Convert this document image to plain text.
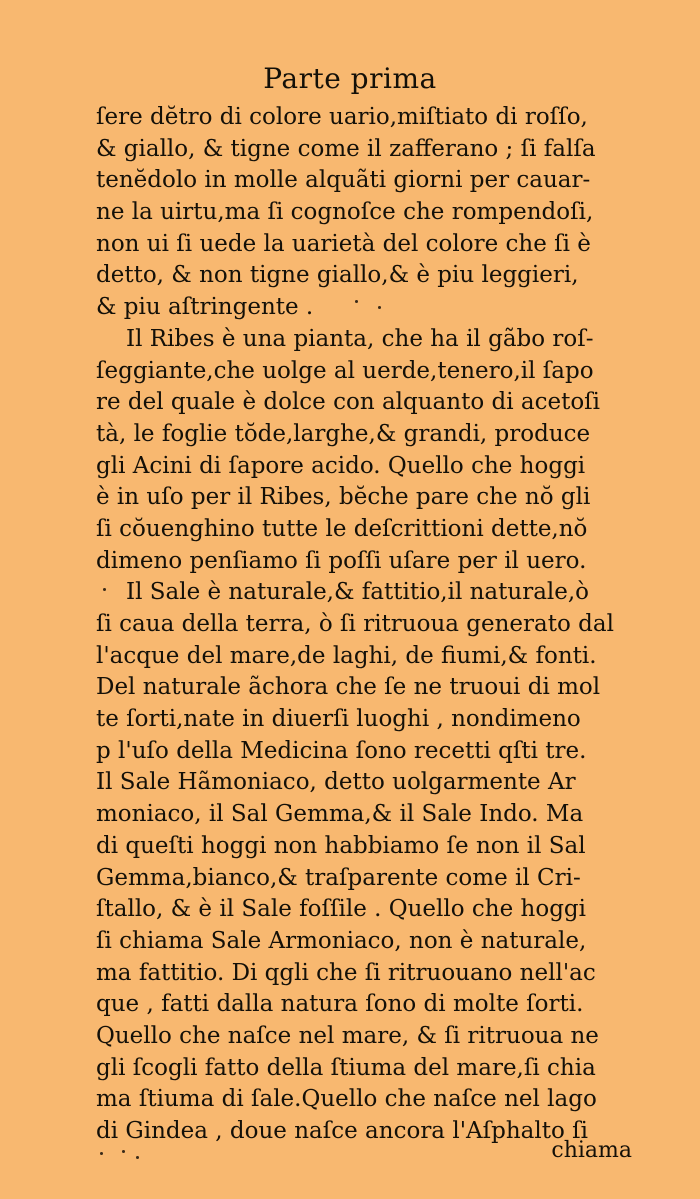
Parte prima
ſere dĕtro di colore uario,miſtiato di roſſo,
& giallo, & tigne come il zafferano ; ſi falſa
tenĕdolo in molle alquãti giorni per cauar-
ne la uirtu,ma ſi cognoſce che rompendoſi,
non ui ſi uede la uarietà del colore che ſi è
detto, & non tigne giallo,& è piu leggieri,
& piu aſtringente .
Il Ribes è una pianta, che ha il gãbo roſ-
ſeggiante,che uolge al uerde,tenero,il ſapo
re del quale è dolce con alquanto di acetoſi
tà, le foglie tŏde,larghe,& grandi, produce
gli Acini di ſapore acido. Quello che hoggi
è in uſo per il Ribes, bĕche pare che nŏ gli
ſi cŏuenghino tutte le deſcrittioni dette,nŏ
dimeno penſiamo ſi poſſi uſare per il uero.
Il Sale è naturale,& fattitio,il naturale,ò
ſi caua della terra, ò ſi ritruoua generato dal
l'acque del mare,de laghi, de fiumi,& fonti.
Del naturale ãchora che ſe ne truoui di mol
te ſorti,nate in diuerſi luoghi , nondimeno
p l'uſo della Medicina ſono recetti qſti tre.
Il Sale Hãmoniaco, detto uolgarmente Ar
moniaco, il Sal Gemma,& il Sale Indo. Ma
di queſti hoggi non habbiamo ſe non il Sal
Gemma,bianco,& traſparente come il Cri-
ſtallo, & è il Sale foſſile . Quello che hoggi
ſi chiama Sale Armoniaco, non è naturale,
ma fattitio. Di qgli che ſi ritruouano nell'ac
que , fatti dalla natura ſono di molte ſorti.
Quello che naſce nel mare, & ſi ritruoua ne
gli ſcogli fatto della ſtiuma del mare,ſi chia
ma ſtiuma di ſale.Quello che naſce nel lago
di Gindea , doue naſce ancora l'Aſphalto ſi
chiama
